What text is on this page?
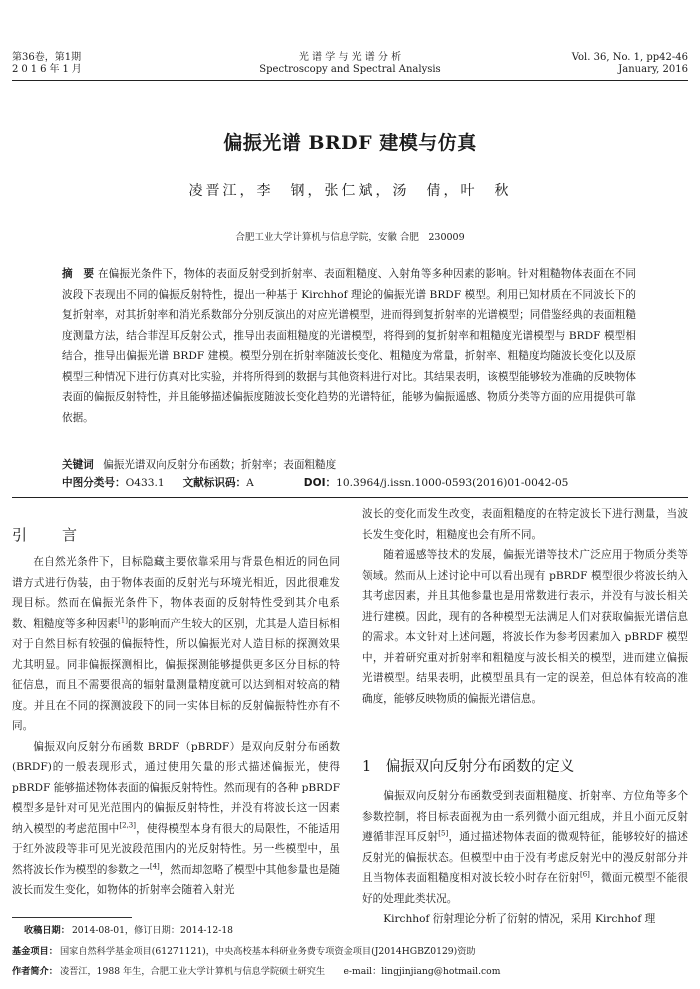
第36卷，第1期
2016年1月
光 谱 学 与 光 谱 分 析
Spectroscopy and Spectral Analysis
Vol. 36, No. 1, pp42-46
January, 2016
偏振光谱 BRDF 建模与仿真
凌晋江，李　钢，张仁斌，汤　倩，叶　秋
合肥工业大学计算机与信息学院，安徽 合肥　230009

摘　要 在偏振光条件下，物体的表面反射受到折射率、表面粗糙度、入射角等多种因素的影响。针对粗糙物体表面在不同波段下表现出不同的偏振反射特性，提出一种基于 Kirchhof 理论的偏振光谱 BRDF 模型。利用已知材质在不同波长下的复折射率，对其折射率和消光系数部分分别反演出的对应光谱模型，进而得到复折射率的光谱模型；同借鉴经典的表面粗糙度测量方法，结合菲涅耳反射公式，推导出表面粗糙度的光谱模型，将得到的复折射率和粗糙度光谱模型与 BRDF 模型相结合，推导出偏振光谱 BRDF 建模。模型分别在折射率随波长变化、粗糙度为常量，折射率、粗糙度均随波长变化以及原模型三种情况下进行仿真对比实验，并将所得到的数据与其他资料进行对比。其结果表明，该模型能够较为准确的反映物体表面的偏振反射特性，并且能够描述偏振度随波长变化趋势的光谱特征，能够为偏振遥感、物质分类等方面的应用提供可靠依据。

关键词 偏振光谱双向反射分布函数；折射率；表面粗糙度

中图分类号：O433.1 文献标识码：A	DOI：10.3964/j.issn.1000-0593(2016)01-0042-05

引　言

在自然光条件下，目标隐藏主要依靠采用与背景色相近的同色同谱方式进行伪装，由于物体表面的反射光与环境光相近，因此很难发现目标。然而在偏振光条件下，物体表面的反射特性受到其介电系数、粗糙度等多种因素[1]的影响而产生较大的区别，尤其是人造目标相对于自然目标有较强的偏振特性，所以偏振光对人造目标的探测效果尤其明显。同非偏振探测相比，偏振探测能够提供更多区分目标的特征信息，而且不需要很高的辐射量测量精度就可以达到相对较高的精度。并且在不同的探测波段下的同一实体目标的反射偏振特性亦有不同。

偏振双向反射分布函数 BRDF（pBRDF）是双向反射分布函数(BRDF)的一般表现形式，通过使用矢量的形式描述偏振光，使得 pBRDF 能够描述物体表面的偏振反射特性。然而现有的各种 pBRDF 模型多是针对可见光范围内的偏振反射特性，并没有将波长这一因素纳入模型的考虑范围中[2,3]，使得模型本身有很大的局限性，不能适用于红外波段等非可见光波段范围内的光反射特性。另一些模型中，虽然将波长作为模型的参数之一[4]，然而却忽略了模型中其他参量也是随波长而发生变化，如物体的折射率会随着入射光

波长的变化而发生改变，表面粗糙度的在特定波长下进行测量，当波长发生变化时，粗糙度也会有所不同。

随着遥感等技术的发展，偏振光谱等技术广泛应用于物质分类等领域。然而从上述讨论中可以看出现有 pBRDF 模型很少将波长纳入其考虑因素，并且其他参量也是用常数进行表示，并没有与波长相关进行建模。因此，现有的各种模型无法满足人们对获取偏振光谱信息的需求。本文针对上述问题，将波长作为参考因素加入 pBRDF 模型中，并着研究重对折射率和粗糙度与波长相关的模型，进而建立偏振光谱模型。结果表明，此模型虽具有一定的误差，但总体有较高的准确度，能够反映物质的偏振光谱信息。

1　偏振双向反射分布函数的定义

偏振双向反射分布函数受到表面粗糙度、折射率、方位角等多个参数控制，将目标表面视为由一系列微小面元组成，并且小面元反射遵循菲涅耳反射[5]，通过描述物体表面的微观特征，能够较好的描述反射光的偏振状态。但模型中由于没有考虑反射光中的漫反射部分并且当物体表面粗糙度相对波长较小时存在衍射[6]，微面元模型不能很好的处理此类状况。

Kirchhof 衍射理论分析了衍射的情况，采用 Kirchhof 理

收稿日期： 2014-08-01，修订日期：2014-12-18
基金项目： 国家自然科学基金项目(61271121)，中央高校基本科研业务费专项资金项目(J2014HGBZ0129)资助
作者简介： 凌晋江，1988 年生，合肥工业大学计算机与信息学院硕士研究生　　e-mail：lingjinjiang@hotmail.com
